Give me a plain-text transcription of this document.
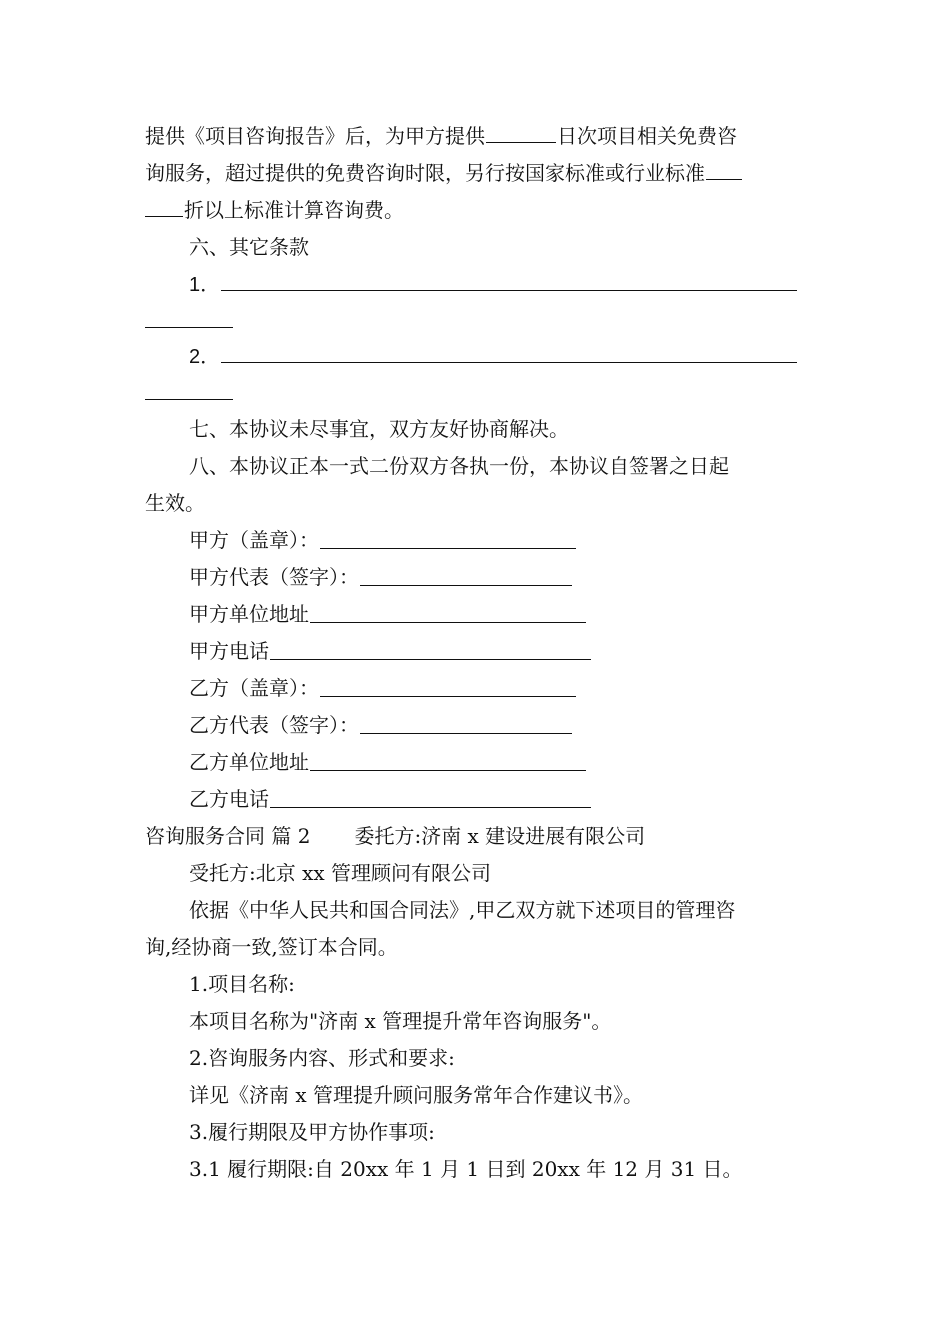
提供《项目咨询报告》后，为甲方提供	日次项目相关免费咨
询服务，超过提供的免费咨询时限，另行按国家标准或行业标准
折以上标准计算咨询费。
六、其它条款
1．
2．
七、本协议未尽事宜，双方友好协商解决。
八、本协议正本一式二份双方各执一份，本协议自签署之日起
生效。
甲方（盖章）：
甲方代表（签字）：
甲方单位地址
甲方电话
乙方（盖章）：
乙方代表（签字）：
乙方单位地址
乙方电话
咨询服务合同 篇 2 委托方:济南 x 建设进展有限公司
受托方:北京 xx 管理顾问有限公司
依据《中华人民共和国合同法》,甲乙双方就下述项目的管理咨
询,经协商一致,签订本合同。
1.项目名称:
本项目名称为"济南 x 管理提升常年咨询服务"。
2.咨询服务内容、形式和要求:
详见《济南 x 管理提升顾问服务常年合作建议书》。
3.履行期限及甲方协作事项:
3.1 履行期限:自 20xx 年 1 月 1 日到 20xx 年 12 月 31 日。
